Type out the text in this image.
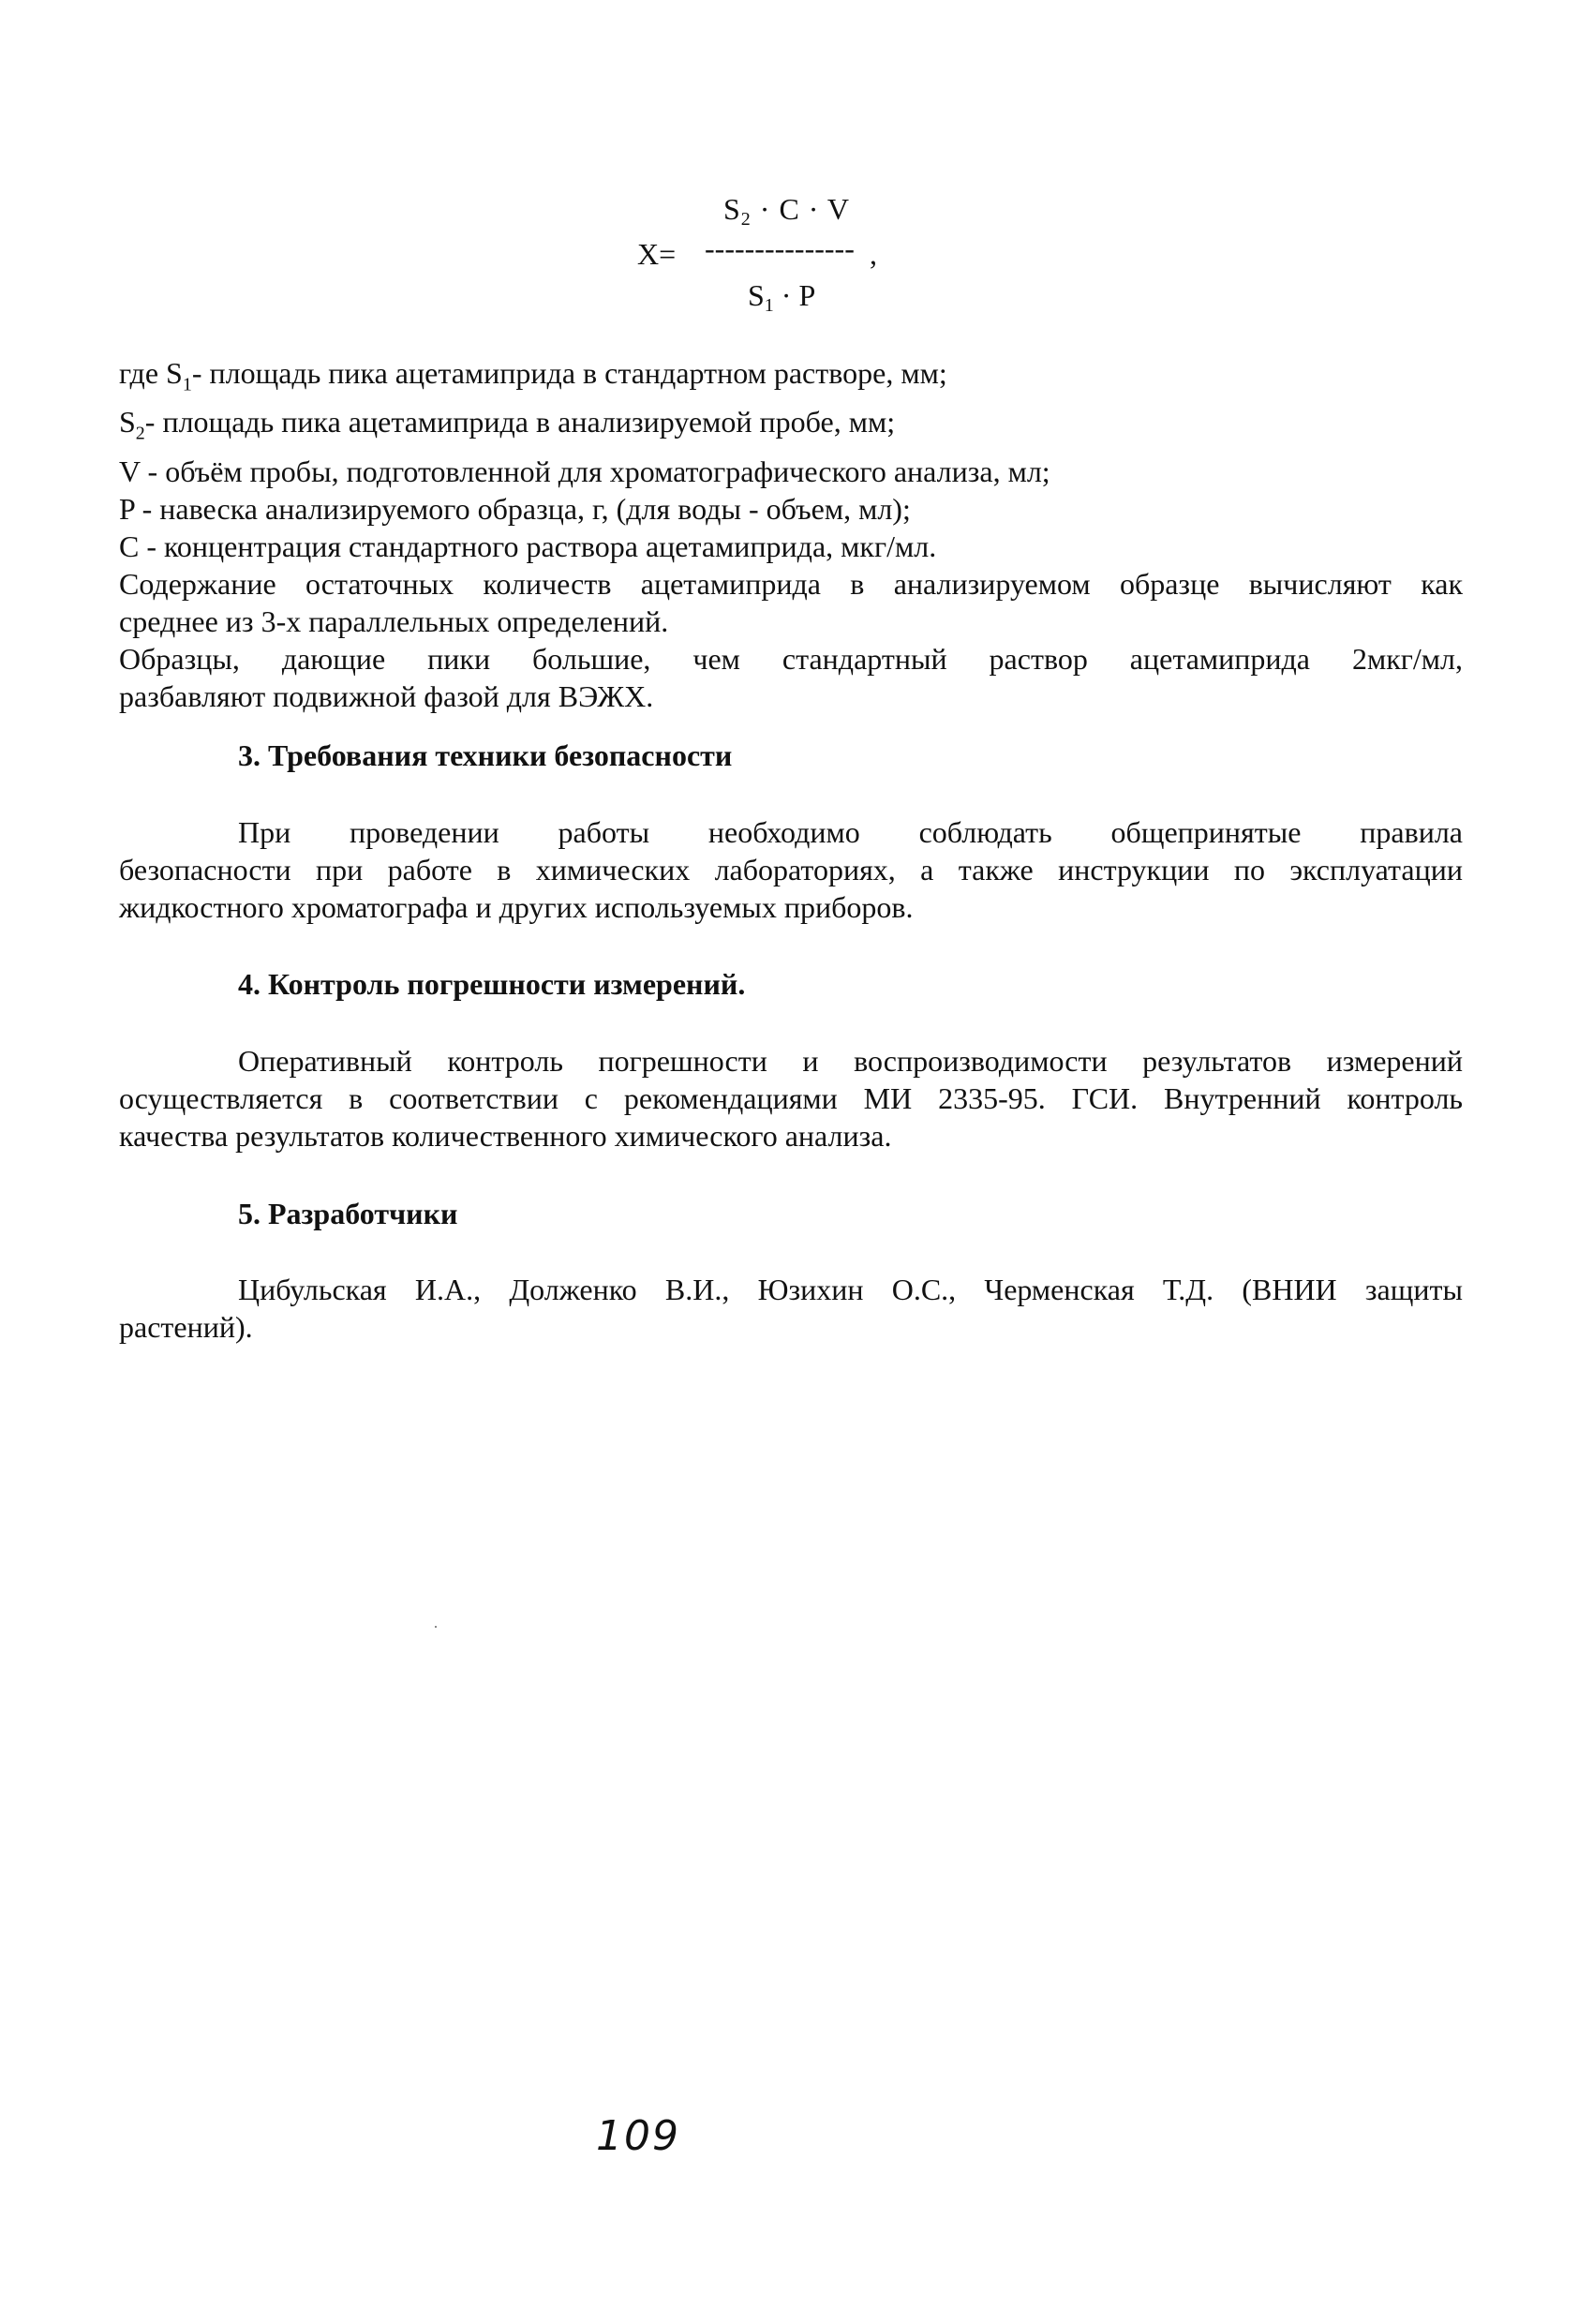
$S_2 \cdot C \cdot V$
X= --------------- ,
$S_1 \cdot P$
где $S_1-$ площадь пика ацетамиприда в стандартном растворе, мм;
$S_2-$ площадь пика ацетамиприда в анализируемой пробе, мм;
V - объём пробы, подготовленной для хроматографического анализа, мл;
P - навеска анализируемого образца, г, (для воды - объем, мл);
C - концентрация стандартного раствора ацетамиприда, мкг/мл.
Содержание остаточных количеств ацетамиприда в анализируемом образце вычисляют как
среднее из 3-х параллельных определений.
Образцы, дающие пики большие, чем стандартный раствор ацетамиприда 2мкг/мл,
разбавляют подвижной фазой для ВЭЖХ.
3. Требования техники безопасности
При проведении работы необходимо соблюдать общепринятые правила
безопасности при работе в химических лабораториях, а также инструкции по эксплуатации
жидкостного хроматографа и других используемых приборов.
4. Контроль погрешности измерений.
Оперативный контроль погрешности и воспроизводимости результатов измерений
осуществляется в соответствии с рекомендациями МИ 2335-95. ГСИ. Внутренний контроль
качества результатов количественного химического анализа.
5. Разработчики
Цибульская И.А., Долженко В.И., Юзихин О.С., Черменская Т.Д. (ВНИИ защиты
растений).
109
